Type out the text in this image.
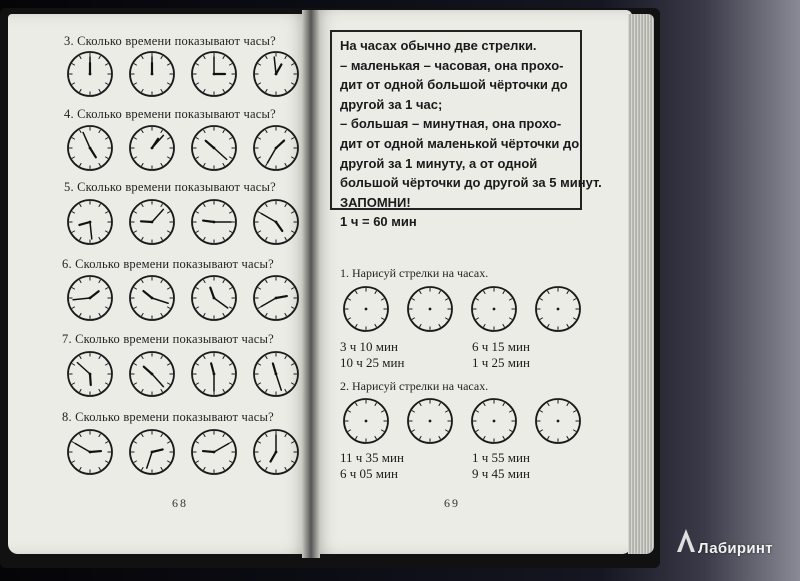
3. Сколько времени показывают часы?
4. Сколько времени показывают часы?
5. Сколько времени показывают часы?
6. Сколько времени показывают часы?
7. Сколько времени показывают часы?
8. Сколько времени показывают часы?
68
На часах обычно две стрелки.
– маленькая – часовая, она прохо-
дит от одной большой чёрточки до
другой за 1 час;
– большая – минутная, она прохо-
дит от одной маленькой чёрточки до
другой за 1 минуту, а от одной
большой чёрточки до другой за 5 минут.
ЗАПОМНИ!
1 ч = 60 мин
1. Нарисуй стрелки на часах.
3 ч 10 мин	6 ч 15 мин
10 ч 25 мин	1 ч 25 мин
2. Нарисуй стрелки на часах.
11 ч 35 мин	1 ч 55 мин
6 ч 05 мин	9 ч 45 мин
69
Лабиринт
